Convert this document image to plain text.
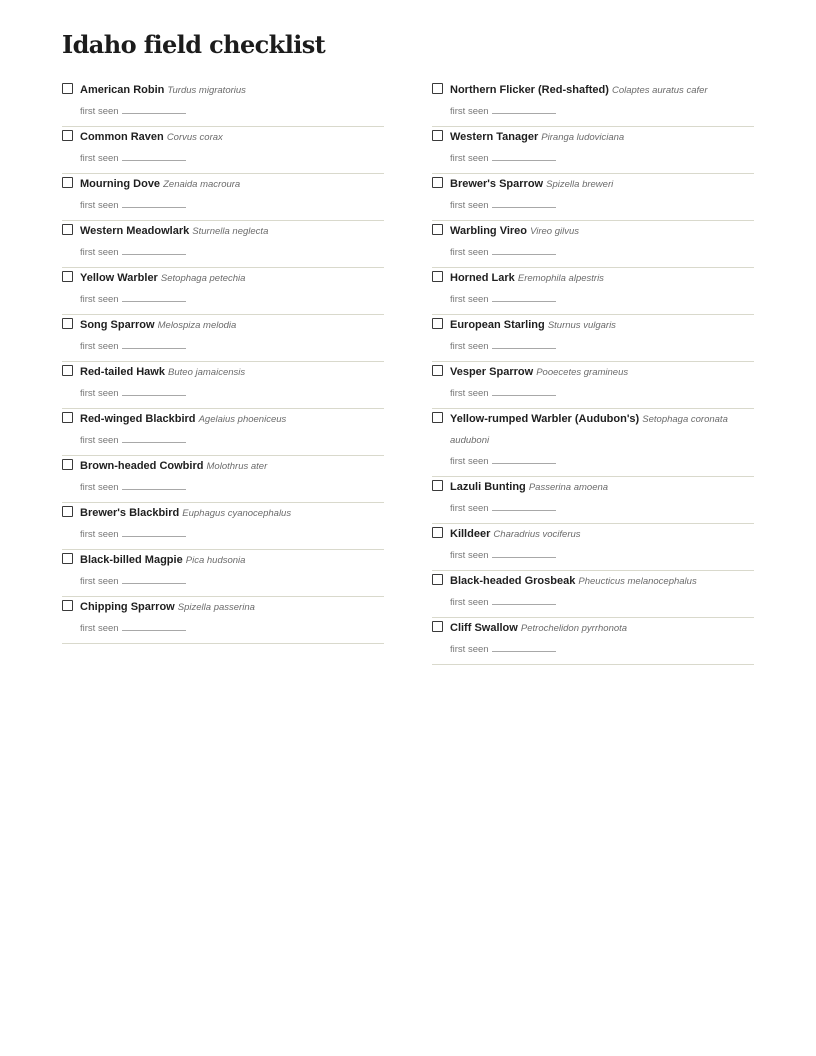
Idaho field checklist
American Robin Turdus migratorius
first seen
Common Raven Corvus corax
first seen
Mourning Dove Zenaida macroura
first seen
Western Meadowlark Sturnella neglecta
first seen
Yellow Warbler Setophaga petechia
first seen
Song Sparrow Melospiza melodia
first seen
Red-tailed Hawk Buteo jamaicensis
first seen
Red-winged Blackbird Agelaius phoeniceus
first seen
Brown-headed Cowbird Molothrus ater
first seen
Brewer's Blackbird Euphagus cyanocephalus
first seen
Black-billed Magpie Pica hudsonia
first seen
Chipping Sparrow Spizella passerina
first seen
Northern Flicker (Red-shafted) Colaptes auratus cafer
first seen
Western Tanager Piranga ludoviciana
first seen
Brewer's Sparrow Spizella breweri
first seen
Warbling Vireo Vireo gilvus
first seen
Horned Lark Eremophila alpestris
first seen
European Starling Sturnus vulgaris
first seen
Vesper Sparrow Pooecetes gramineus
first seen
Yellow-rumped Warbler (Audubon's) Setophaga coronata auduboni
first seen
Lazuli Bunting Passerina amoena
first seen
Killdeer Charadrius vociferus
first seen
Black-headed Grosbeak Pheucticus melanocephalus
first seen
Cliff Swallow Petrochelidon pyrrhonota
first seen
